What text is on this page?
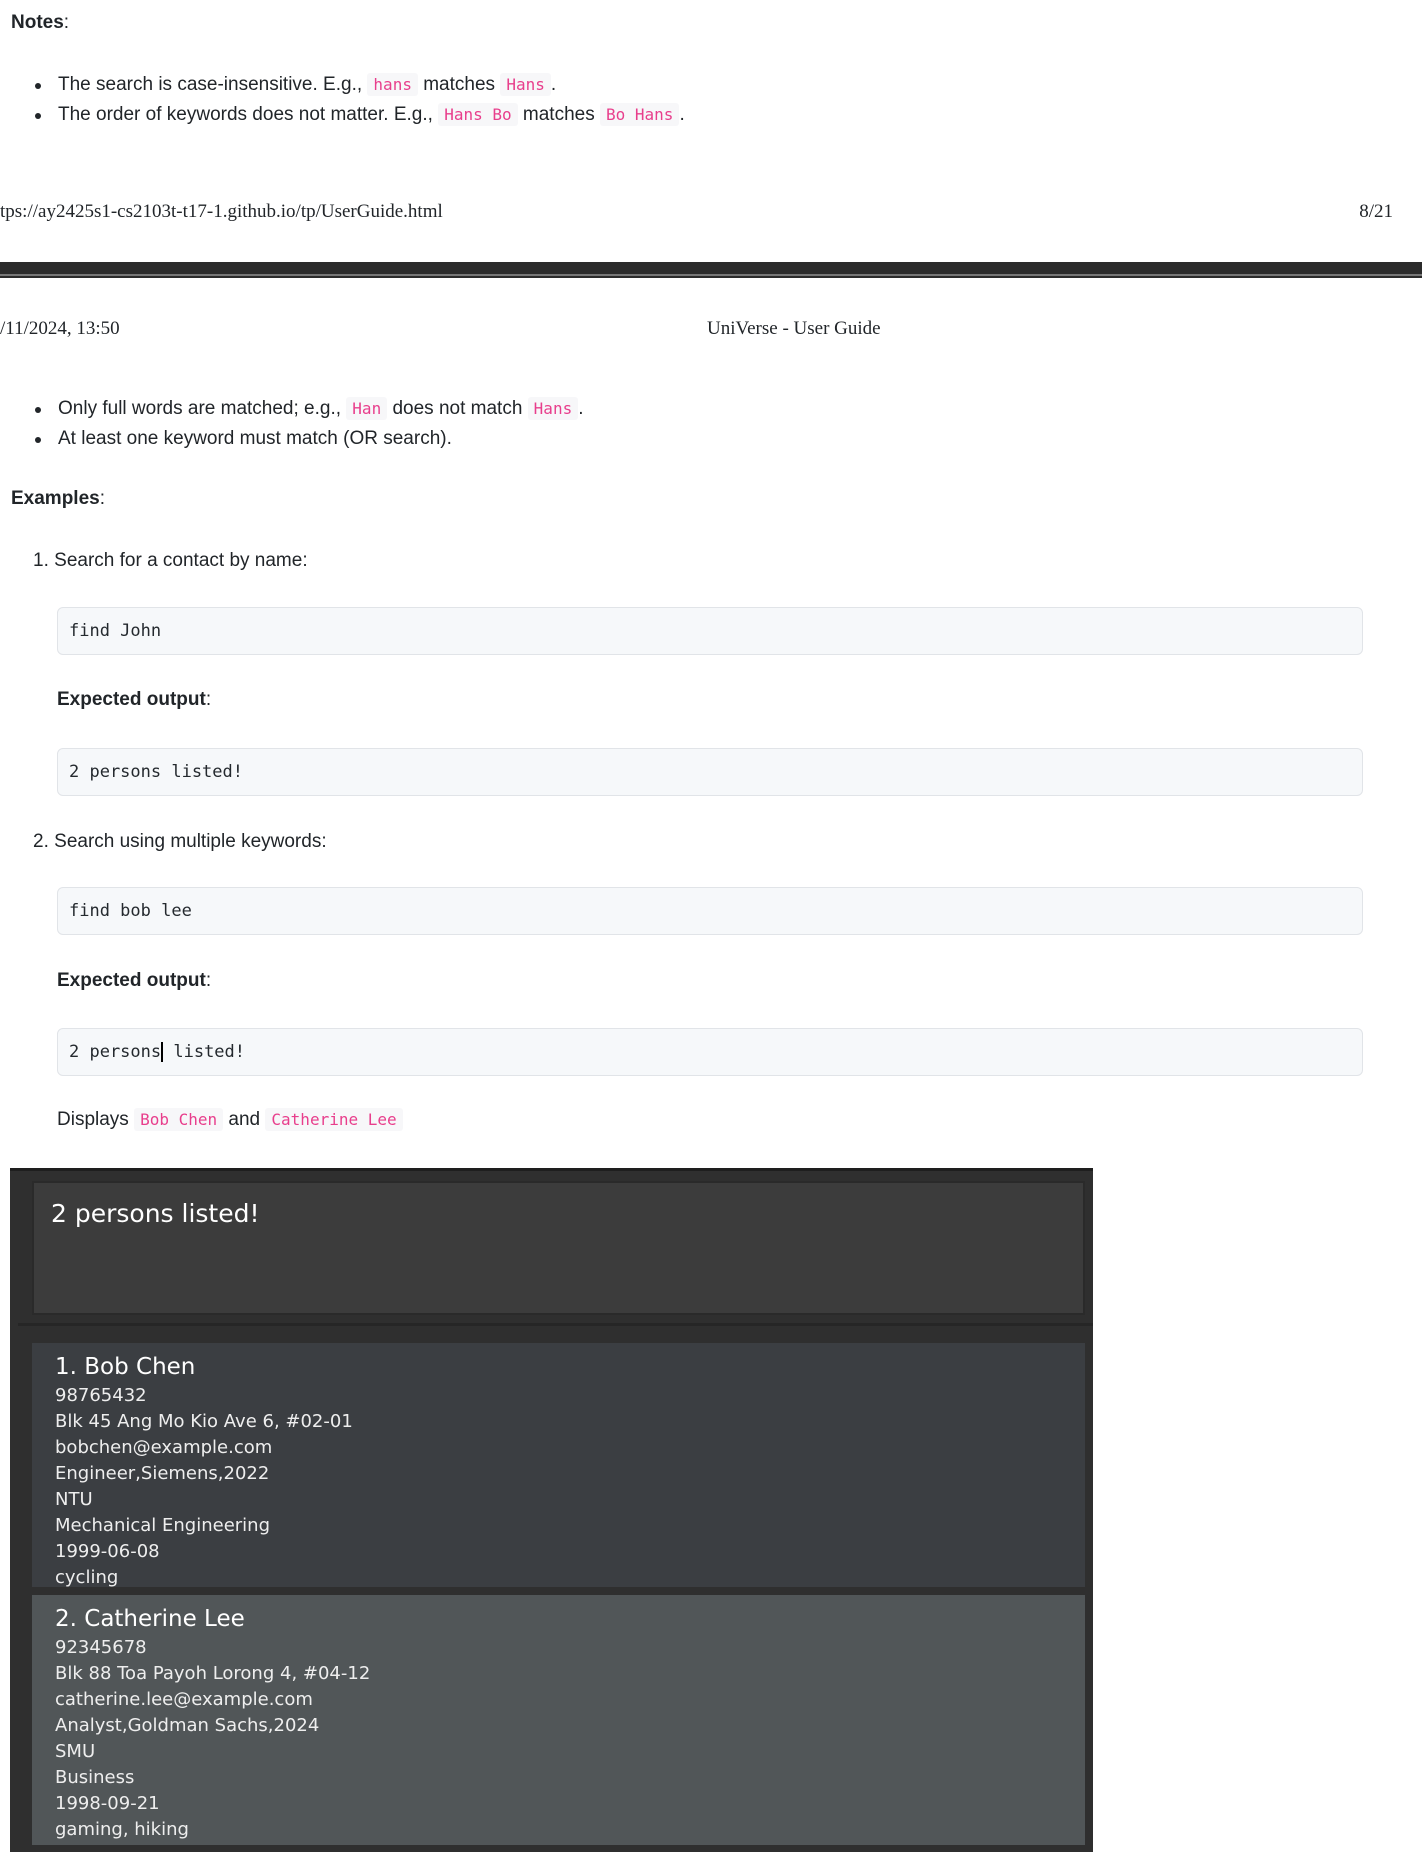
Notes:
The search is case-insensitive. E.g., hans matches Hans .
The order of keywords does not matter. E.g., Hans Bo matches Bo Hans .
tps://ay2425s1-cs2103t-t17-1.github.io/tp/UserGuide.html	8/21
/11/2024, 13:50	UniVerse - User Guide
Only full words are matched; e.g., Han does not match Hans .
At least one keyword must match (OR search).
Examples:
1. Search for a contact by name:
find John
Expected output:
2 persons listed!
2. Search using multiple keywords:
find bob lee
Expected output:
2 persons listed!
Displays Bob Chen and Catherine Lee
2 persons listed!
1. Bob Chen
98765432
Blk 45 Ang Mo Kio Ave 6, #02-01
bobchen@example.com
Engineer,Siemens,2022
NTU
Mechanical Engineering
1999-06-08
cycling
2. Catherine Lee
92345678
Blk 88 Toa Payoh Lorong 4, #04-12
catherine.lee@example.com
Analyst,Goldman Sachs,2024
SMU
Business
1998-09-21
gaming, hiking
